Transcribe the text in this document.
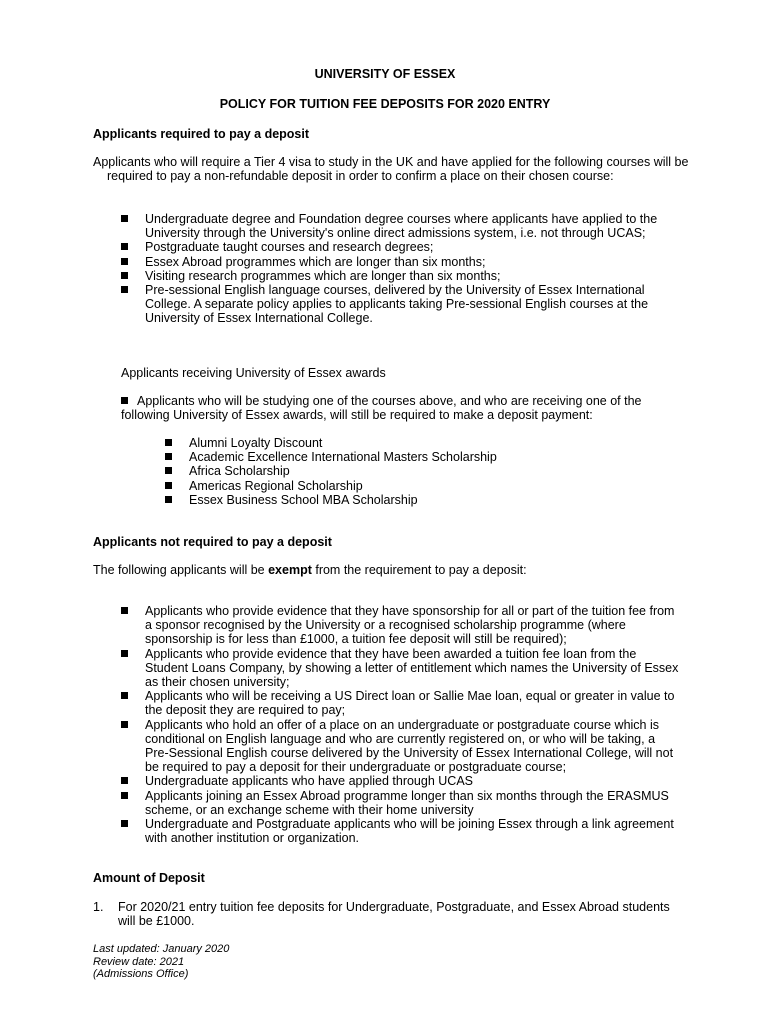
UNIVERSITY OF ESSEX
POLICY FOR TUITION FEE DEPOSITS FOR 2020 ENTRY
Applicants required to pay a deposit
Applicants who will require a Tier 4 visa to study in the UK and have applied for the following courses will be required to pay a non-refundable deposit in order to confirm a place on their chosen course:
Undergraduate degree and Foundation degree courses where applicants have applied to the University through the University's online direct admissions system, i.e. not through UCAS;
Postgraduate taught courses and research degrees;
Essex Abroad programmes which are longer than six months;
Visiting research programmes which are longer than six months;
Pre-sessional English language courses, delivered by the University of Essex International College. A separate policy applies to applicants taking Pre-sessional English courses at the University of Essex International College.
Applicants receiving University of Essex awards
Applicants who will be studying one of the courses above, and who are receiving one of the following University of Essex awards, will still be required to make a deposit payment:
Alumni Loyalty Discount
Academic Excellence International Masters Scholarship
Africa Scholarship
Americas Regional Scholarship
Essex Business School MBA Scholarship
Applicants not required to pay a deposit
The following applicants will be exempt from the requirement to pay a deposit:
Applicants who provide evidence that they have sponsorship for all or part of the tuition fee from a sponsor recognised by the University or a recognised scholarship programme (where sponsorship is for less than £1000, a tuition fee deposit will still be required);
Applicants who provide evidence that they have been awarded a tuition fee loan from the Student Loans Company, by showing a letter of entitlement which names the University of Essex as their chosen university;
Applicants who will be receiving a US Direct loan or Sallie Mae loan, equal or greater in value to the deposit they are required to pay;
Applicants who hold an offer of a place on an undergraduate or postgraduate course which is conditional on English language and who are currently registered on, or who will be taking, a Pre-Sessional English course delivered by the University of Essex International College, will not be required to pay a deposit for their undergraduate or postgraduate course;
Undergraduate applicants who have applied through UCAS
Applicants joining an Essex Abroad programme longer than six months through the ERASMUS scheme, or an exchange scheme with their home university
Undergraduate and Postgraduate applicants who will be joining Essex through a link agreement with another institution or organization.
Amount of Deposit
1. For 2020/21 entry tuition fee deposits for Undergraduate, Postgraduate, and Essex Abroad students will be £1000.
Last updated: January 2020
Review date: 2021
(Admissions Office)
